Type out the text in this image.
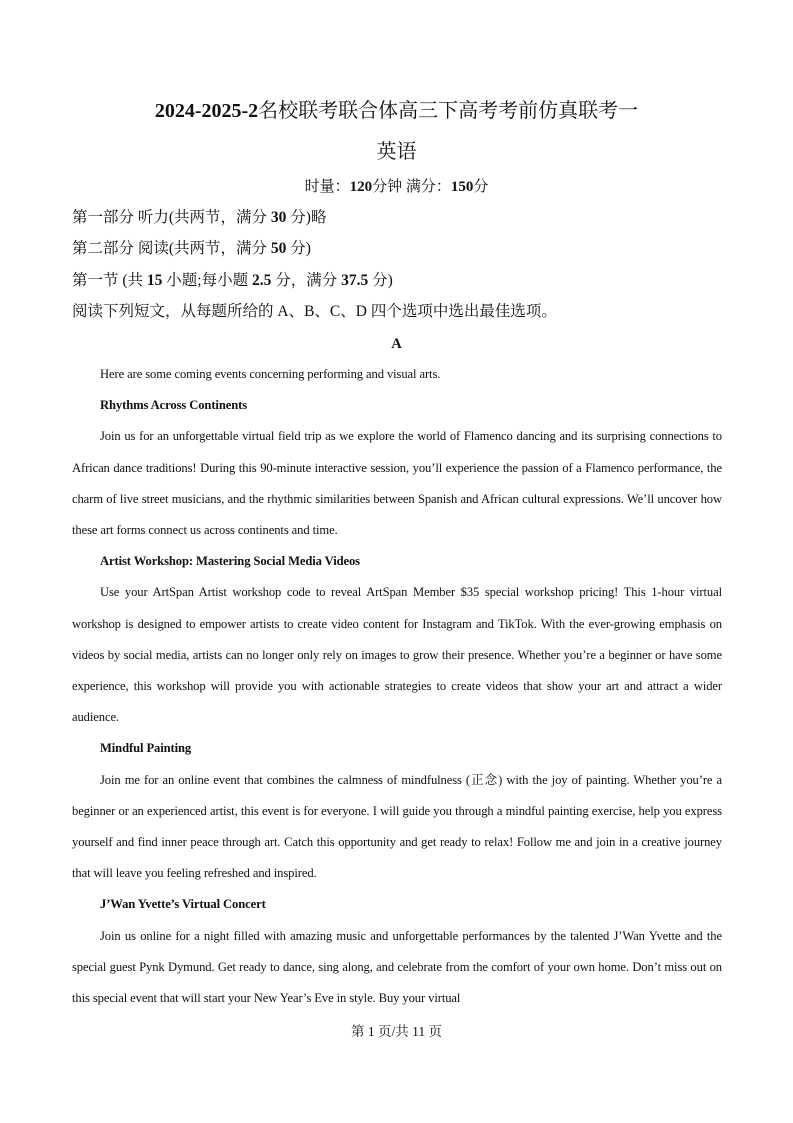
2024-2025-2名校联考联合体高三下高考考前仿真联考一
英语
时量：120分钟 满分：150分
第一部分 听力(共两节，满分 30 分)略
第二部分 阅读(共两节，满分 50 分)
第一节 (共 15 小题;每小题 2.5 分，满分 37.5 分)
阅读下列短文，从每题所给的 A、B、C、D 四个选项中选出最佳选项。
A
Here are some coming events concerning performing and visual arts.
Rhythms Across Continents
Join us for an unforgettable virtual field trip as we explore the world of Flamenco dancing and its surprising connections to African dance traditions! During this 90-minute interactive session, you’ll experience the passion of a Flamenco performance, the charm of live street musicians, and the rhythmic similarities between Spanish and African cultural expressions. We’ll uncover how these art forms connect us across continents and time.
Artist Workshop: Mastering Social Media Videos
Use your ArtSpan Artist workshop code to reveal ArtSpan Member $35 special workshop pricing! This 1-hour virtual workshop is designed to empower artists to create video content for Instagram and TikTok. With the ever-growing emphasis on videos by social media, artists can no longer only rely on images to grow their presence. Whether you’re a beginner or have some experience, this workshop will provide you with actionable strategies to create videos that show your art and attract a wider audience.
Mindful Painting
Join me for an online event that combines the calmness of mindfulness (正念) with the joy of painting. Whether you’re a beginner or an experienced artist, this event is for everyone. I will guide you through a mindful painting exercise, help you express yourself and find inner peace through art. Catch this opportunity and get ready to relax! Follow me and join in a creative journey that will leave you feeling refreshed and inspired.
J’Wan Yvette’s Virtual Concert
Join us online for a night filled with amazing music and unforgettable performances by the talented J’Wan Yvette and the special guest Pynk Dymund. Get ready to dance, sing along, and celebrate from the comfort of your own home. Don’t miss out on this special event that will start your New Year’s Eve in style. Buy your virtual
第 1 页/共 11 页
